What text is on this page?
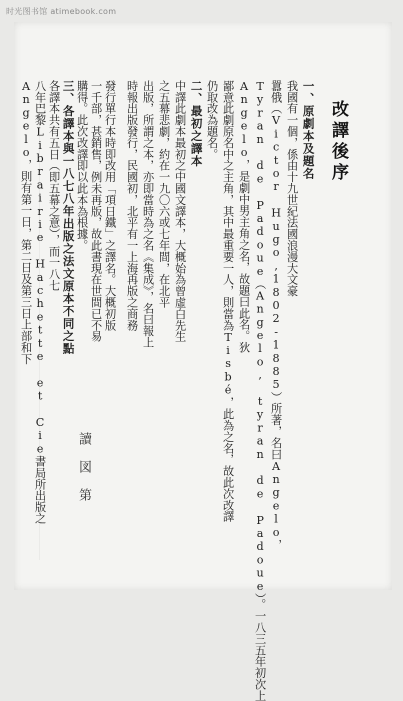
时光图书馆 atimebook.com
改譯後序
一、原劇本及題名
我國有一個，係由十九世紀法國浪漫大文豪
囂俄（Victor Hugo,1802-1885）所著，名曰Angelo，
Tyran de Padoue（Angelo, tyran de Padoue）。一八三五年初次上
Angelo，是劇中男主角之名，故題曰此名。狄
鄙意此劇原名中之主角，其中最重要一人，則當為Tisbé，此為之名，故此次改譯
仍取改為題名。
二、最初之譯本
中譯此劇本最初之中國文譯本，大概始為曾虛白先生
之五幕悲劇，約在一九〇六或七年間，在北平
出版，所謂之本，亦即當時為之名《集成》，名曰報上
時報出版發行，民國初，北平有一上海再版之商務
讀 図 第
發行單行本時即改用「項日鐵」之譯名。大概初版
一千部，甚銷售，例未再版，故此書現在世間已不易
購得。此次改譯即以此本為根據。
三、各譯本與一八七八年出版之法文原本不同之點
各譯本共有五日（即五幕之意），而一八七
八年巴黎Librairie Hachette et Cie書局所出版之
Angelo，則有第一日，第二日及第三日上部和下
